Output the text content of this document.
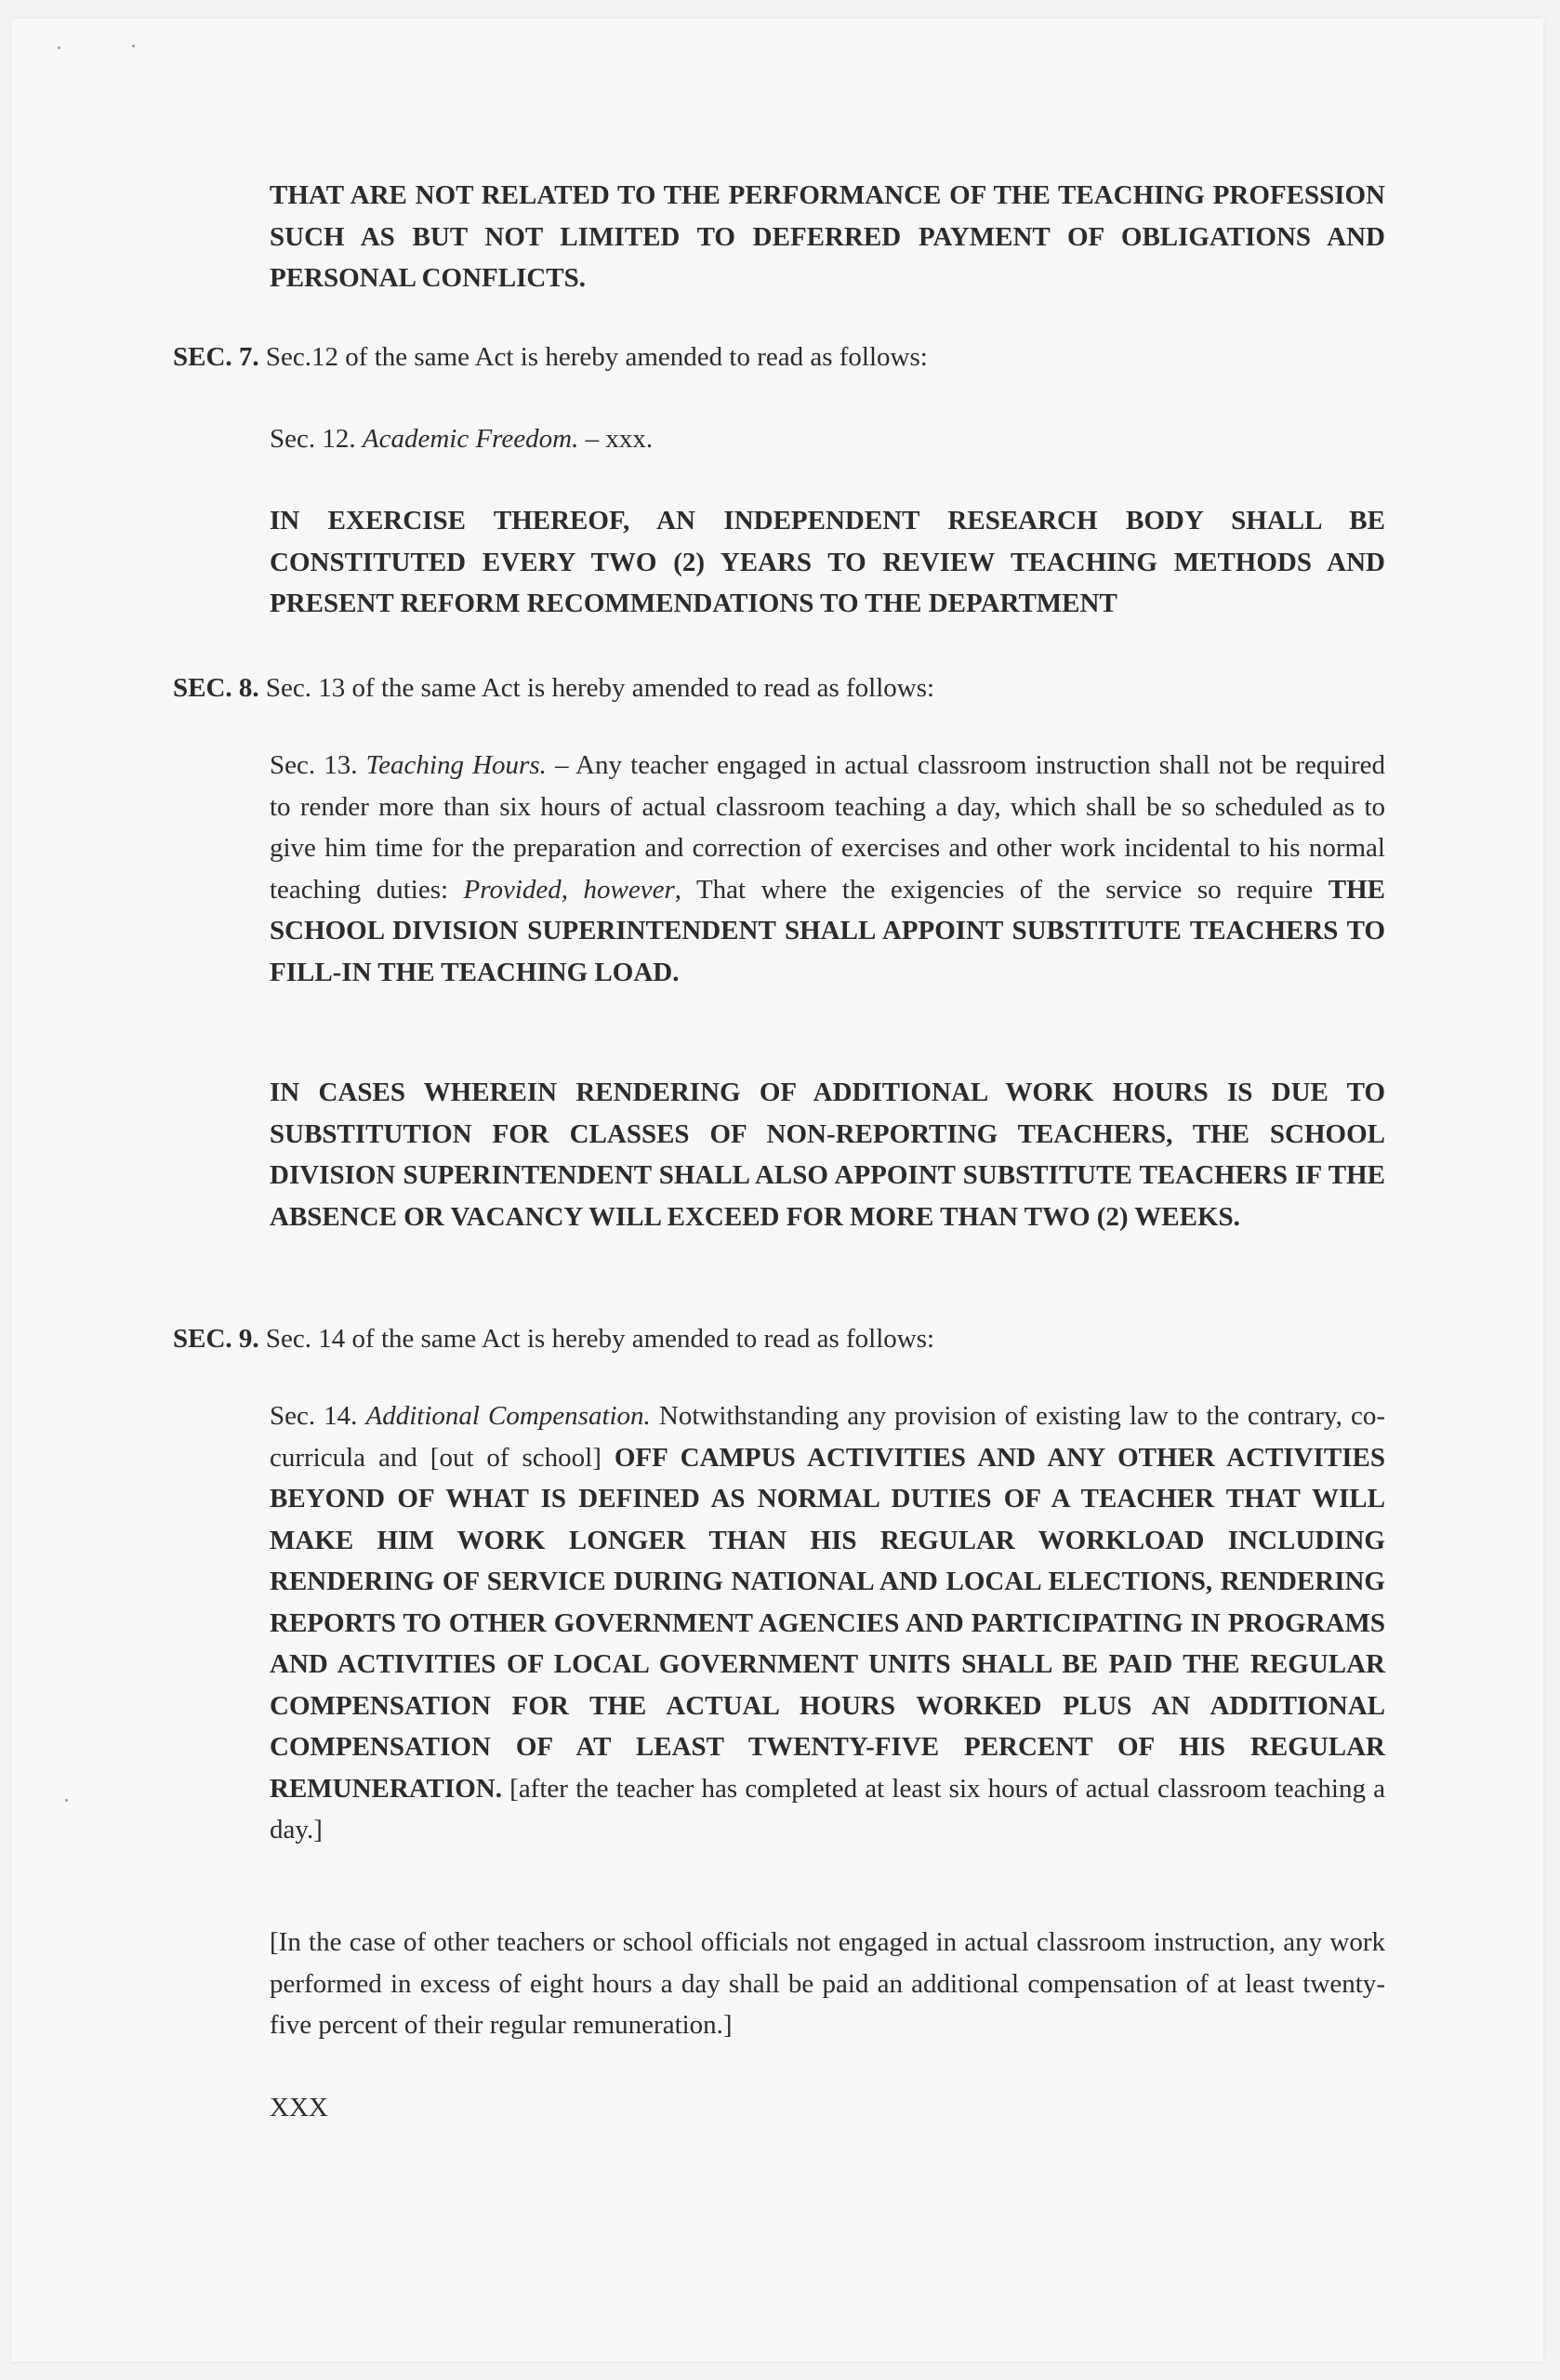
THAT ARE NOT RELATED TO THE PERFORMANCE OF THE TEACHING PROFESSION SUCH AS BUT NOT LIMITED TO DEFERRED PAYMENT OF OBLIGATIONS AND PERSONAL CONFLICTS.

SEC. 7. Sec.12 of the same Act is hereby amended to read as follows:

Sec. 12. Academic Freedom. – xxx.

IN EXERCISE THEREOF, AN INDEPENDENT RESEARCH BODY SHALL BE CONSTITUTED EVERY TWO (2) YEARS TO REVIEW TEACHING METHODS AND PRESENT REFORM RECOMMENDATIONS TO THE DEPARTMENT

SEC. 8. Sec. 13 of the same Act is hereby amended to read as follows:

Sec. 13. Teaching Hours. – Any teacher engaged in actual classroom instruction shall not be required to render more than six hours of actual classroom teaching a day, which shall be so scheduled as to give him time for the preparation and correction of exercises and other work incidental to his normal teaching duties: Provided, however, That where the exigencies of the service so require THE SCHOOL DIVISION SUPERINTENDENT SHALL APPOINT SUBSTITUTE TEACHERS TO FILL-IN THE TEACHING LOAD.

IN CASES WHEREIN RENDERING OF ADDITIONAL WORK HOURS IS DUE TO SUBSTITUTION FOR CLASSES OF NON-REPORTING TEACHERS, THE SCHOOL DIVISION SUPERINTENDENT SHALL ALSO APPOINT SUBSTITUTE TEACHERS IF THE ABSENCE OR VACANCY WILL EXCEED FOR MORE THAN TWO (2) WEEKS.

SEC. 9. Sec. 14 of the same Act is hereby amended to read as follows:

Sec. 14. Additional Compensation. Notwithstanding any provision of existing law to the contrary, co-curricula and [out of school] OFF CAMPUS ACTIVITIES AND ANY OTHER ACTIVITIES BEYOND OF WHAT IS DEFINED AS NORMAL DUTIES OF A TEACHER THAT WILL MAKE HIM WORK LONGER THAN HIS REGULAR WORKLOAD INCLUDING RENDERING OF SERVICE DURING NATIONAL AND LOCAL ELECTIONS, RENDERING REPORTS TO OTHER GOVERNMENT AGENCIES AND PARTICIPATING IN PROGRAMS AND ACTIVITIES OF LOCAL GOVERNMENT UNITS SHALL BE PAID THE REGULAR COMPENSATION FOR THE ACTUAL HOURS WORKED PLUS AN ADDITIONAL COMPENSATION OF AT LEAST TWENTY-FIVE PERCENT OF HIS REGULAR REMUNERATION. [after the teacher has completed at least six hours of actual classroom teaching a day.]

[In the case of other teachers or school officials not engaged in actual classroom instruction, any work performed in excess of eight hours a day shall be paid an additional compensation of at least twenty-five percent of their regular remuneration.]

XXX
